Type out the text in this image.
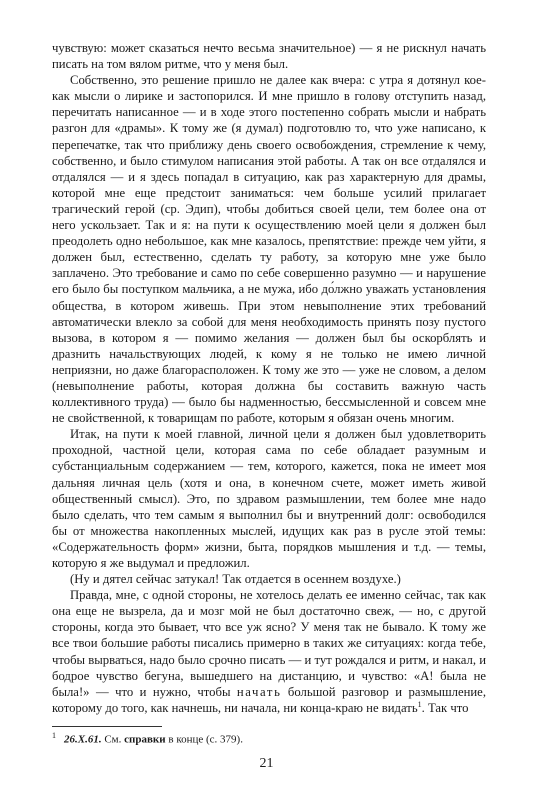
чувствую: может сказаться нечто весьма значительное) — я не рискнул начать писать на том вялом ритме, что у меня был.

Собственно, это решение пришло не далее как вчера: с утра я дотянул кое-как мысли о лирике и застопорился. И мне пришло в голову отступить назад, перечитать написанное — и в ходе этого постепенно собрать мысли и набрать разгон для «драмы». К тому же (я думал) подготовлю то, что уже написано, к перепечатке, так что приближу день своего освобождения, стремление к чему, собственно, и было стимулом написания этой работы. А так он все отдалялся и отдалялся — и я здесь попадал в ситуацию, как раз характерную для драмы, которой мне еще предстоит заниматься: чем больше усилий прилагает трагический герой (ср. Эдип), чтобы добиться своей цели, тем более она от него ускользает. Так и я: на пути к осуществлению моей цели я должен был преодолеть одно небольшое, как мне казалось, препятствие: прежде чем уйти, я должен был, естественно, сделать ту работу, за которую мне уже было заплачено. Это требование и само по себе совершенно разумно — и нарушение его было бы поступком мальчика, а не мужа, ибо до́лжно уважать установления общества, в котором живешь. При этом невыполнение этих требований автоматически влекло за собой для меня необходимость принять позу пустого вызова, в котором я — помимо желания — должен был бы оскорблять и дразнить начальствующих людей, к кому я не только не имею личной неприязни, но даже благорасположен. К тому же это — уже не словом, а делом (невыполнение работы, которая должна бы составить важную часть коллективного труда) — было бы надменностью, бессмысленной и совсем мне не свойственной, к товарищам по работе, которым я обязан очень многим.

Итак, на пути к моей главной, личной цели я должен был удовлетворить проходной, частной цели, которая сама по себе обладает разумным и субстанциальным содержанием — тем, которого, кажется, пока не имеет моя дальняя личная цель (хотя и она, в конечном счете, может иметь живой общественный смысл). Это, по здравом размышлении, тем более мне надо было сделать, что тем самым я выполнил бы и внутренний долг: освободился бы от множества накопленных мыслей, идущих как раз в русле этой темы: «Содержательность форм» жизни, быта, порядков мышления и т.д. — темы, которую я же выдумал и предложил.

(Ну и дятел сейчас затукал! Так отдается в осеннем воздухе.)

Правда, мне, с одной стороны, не хотелось делать ее именно сейчас, так как она еще не вызрела, да и мозг мой не был достаточно свеж, — но, с другой стороны, когда это бывает, что все уж ясно? У меня так не бывало. К тому же все твои большие работы писались примерно в таких же ситуациях: когда тебе, чтобы вырваться, надо было срочно писать — и тут рождался и ритм, и накал, и бодрое чувство бегуна, вышедшего на дистанцию, и чувство: «А! была не была!» — что и нужно, чтобы начать большой разговор и размышление, которому до того, как начнешь, ни начала, ни конца-краю не видать$^1$. Так что

$^1$ 26.X.61. См. справки в конце (с. 379).
21
